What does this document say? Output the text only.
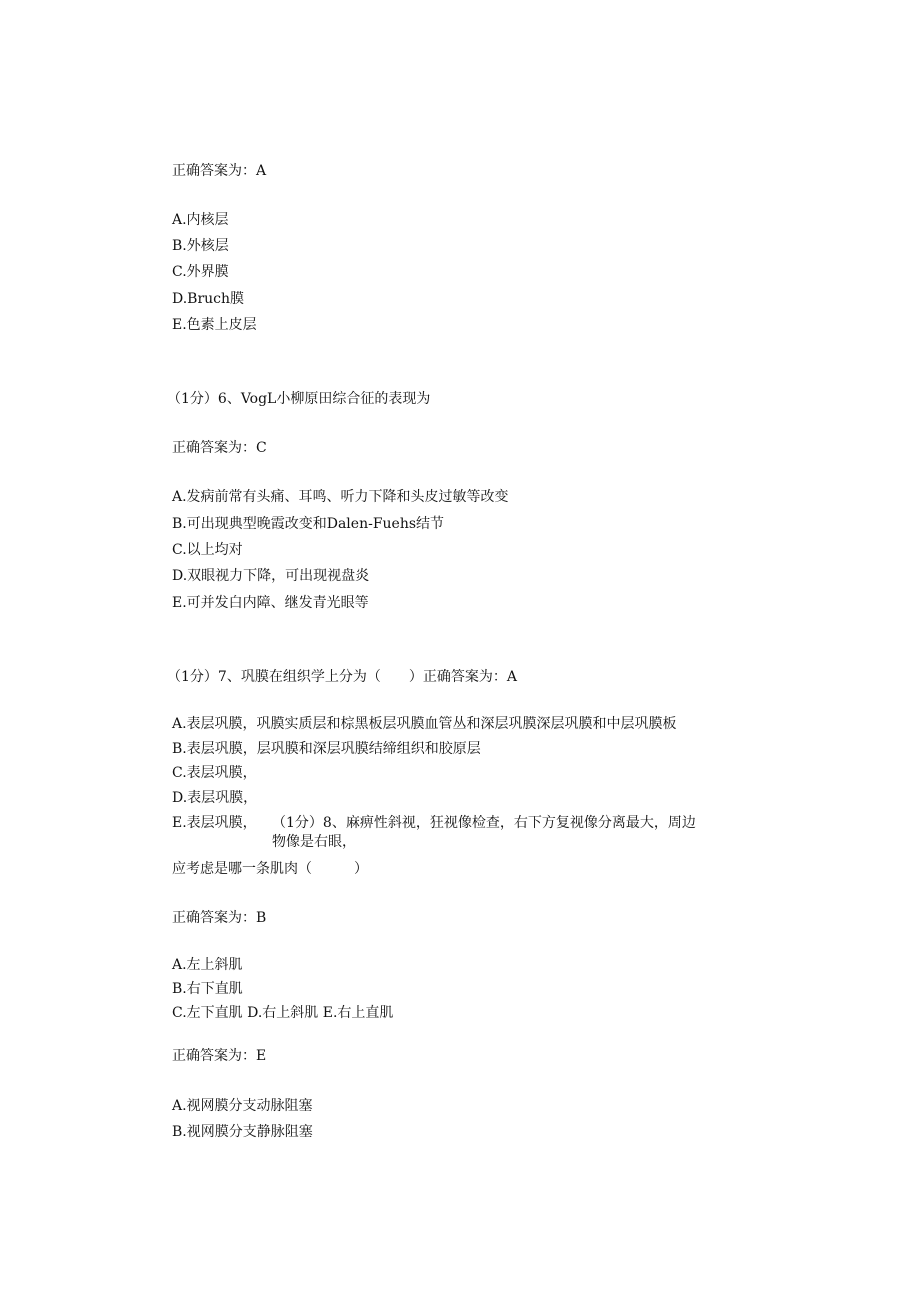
正确答案为：A
A.内核层
B.外核层
C.外界膜
D.Bruch膜
E.色素上皮层
（1分）6、VogL小柳原田综合征的表现为
正确答案为：C
A.发病前常有头痛、耳鸣、听力下降和头皮过敏等改变
B.可出现典型晚霞改变和Dalen-Fuehs结节
C.以上均对
D.双眼视力下降，可出现视盘炎
E.可并发白内障、继发青光眼等
（1分）7、巩膜在组织学上分为（　　）正确答案为：A
A.表层巩膜，巩膜实质层和棕黑板层巩膜血管丛和深层巩膜深层巩膜和中层巩膜板
B.表层巩膜，层巩膜和深层巩膜结缔组织和胶原层
C.表层巩膜，
D.表层巩膜，
E.表层巩膜， （1分）8、麻痹性斜视，狂视像检查，右下方复视像分离最大，周边
物像是右眼，
应考虑是哪一条肌肉（　　　）
正确答案为：B
A.左上斜肌
B.右下直肌
C.左下直肌 D.右上斜肌 E.右上直肌
正确答案为：E
A.视网膜分支动脉阻塞
B.视网膜分支静脉阻塞
